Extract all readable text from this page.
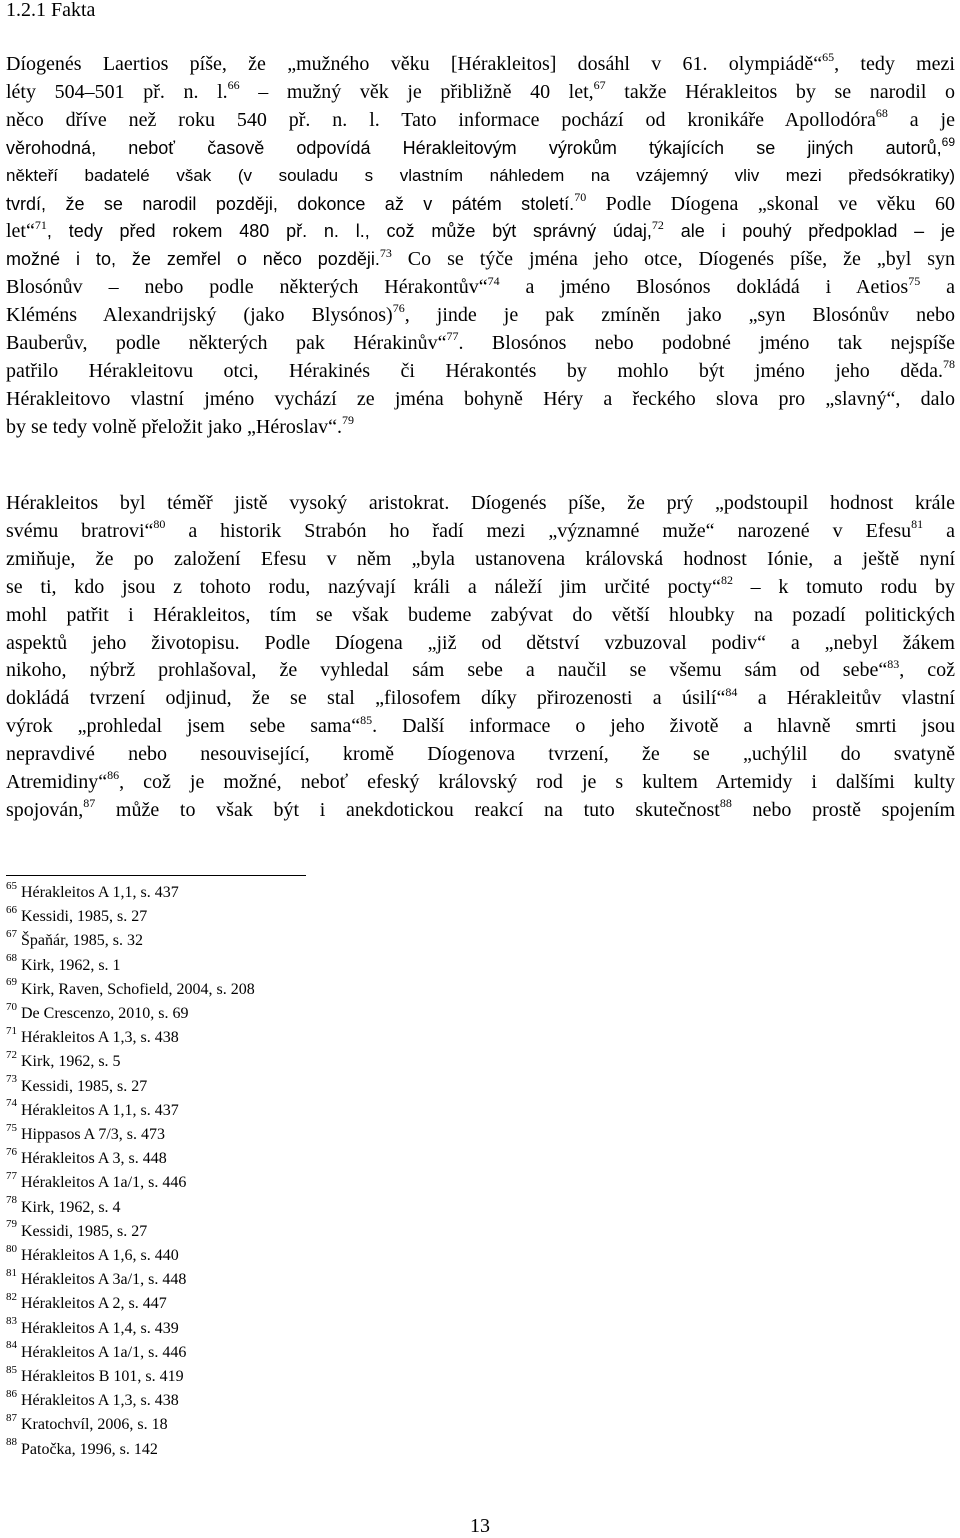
1.2.1 Fakta
Díogenés Laertios píše, že „mužného věku [Hérakleitos] dosáhl v 61. olympiádě“$^{65}$, tedy mezi
léty 504–501 př. n. l.$^{66}$ – mužný věk je přibližně 40 let,$^{67}$ takže Hérakleitos by se narodil o
něco dříve než roku 540 př. n. l. Tato informace pochází od kronikáře Apollodóra$^{68}$ a je
věrohodná, neboť časově odpovídá Hérakleitovým výrokům týkajících se jiných autorů,$^{69}$
někteří badatelé však (v souladu s vlastním náhledem na vzájemný vliv mezi předsókratiky)
tvrdí, že se narodil později, dokonce až v pátém století.$^{70}$ Podle Díogena „skonal ve věku 60
let“$^{71}$, tedy před rokem 480 př. n. l., což může být správný údaj,$^{72}$ ale i pouhý předpoklad – je
možné i to, že zemřel o něco později.$^{73}$ Co se týče jména jeho otce, Díogenés píše, že „byl syn
Blosónův – nebo podle některých Hérakontův“$^{74}$ a jméno Blosónos dokládá i Aetios$^{75}$ a
Kléméns Alexandrijský (jako Blysónos)$^{76}$, jinde je pak zmíněn jako „syn Blosónův nebo
Bauberův, podle některých pak Hérakinův“$^{77}$. Blosónos nebo podobné jméno tak nejspíše
patřilo Hérakleitovu otci, Hérakinés či Hérakontés by mohlo být jméno jeho děda.$^{78}$
Hérakleitovo vlastní jméno vychází ze jména bohyně Héry a řeckého slova pro „slavný“, dalo
by se tedy volně přeložit jako „Héroslav“.$^{79}$
Hérakleitos byl téměř jistě vysoký aristokrat. Díogenés píše, že prý „podstoupil hodnost krále
svému bratrovi“$^{80}$ a historik Strabón ho řadí mezi „významné muže“ narozené v Efesu$^{81}$ a
zmiňuje, že po založení Efesu v něm „byla ustanovena královská hodnost Iónie, a ještě nyní
se ti, kdo jsou z tohoto rodu, nazývají králi a náleží jim určité pocty“$^{82}$ – k tomuto rodu by
mohl patřit i Hérakleitos, tím se však budeme zabývat do větší hloubky na pozadí politických
aspektů jeho životopisu. Podle Díogena „již od dětství vzbuzoval podiv“ a „nebyl žákem
nikoho, nýbrž prohlašoval, že vyhledal sám sebe a naučil se všemu sám od sebe“$^{83}$, což
dokládá tvrzení odjinud, že se stal „filosofem díky přirozenosti a úsilí“$^{84}$ a Hérakleitův vlastní
výrok „prohledal jsem sebe sama“$^{85}$. Další informace o jeho životě a hlavně smrti jsou
nepravdivé nebo nesouvisející, kromě Díogenova tvrzení, že se „uchýlil do svatyně
Atremidiny“$^{86}$, což je možné, neboť efeský královský rod je s kultem Artemidy i dalšími kulty
spojován,$^{87}$ může to však být i anekdotickou reakcí na tuto skutečnost$^{88}$ nebo prostě spojením
$^{65}$ Hérakleitos A 1,1, s. 437
$^{66}$ Kessidi, 1985, s. 27
$^{67}$ Špaňár, 1985, s. 32
$^{68}$ Kirk, 1962, s. 1
$^{69}$ Kirk, Raven, Schofield, 2004, s. 208
$^{70}$ De Crescenzo, 2010, s. 69
$^{71}$ Hérakleitos A 1,3, s. 438
$^{72}$ Kirk, 1962, s. 5
$^{73}$ Kessidi, 1985, s. 27
$^{74}$ Hérakleitos A 1,1, s. 437
$^{75}$ Hippasos A 7/3, s. 473
$^{76}$ Hérakleitos A 3, s. 448
$^{77}$ Hérakleitos A 1a/1, s. 446
$^{78}$ Kirk, 1962, s. 4
$^{79}$ Kessidi, 1985, s. 27
$^{80}$ Hérakleitos A 1,6, s. 440
$^{81}$ Hérakleitos A 3a/1, s. 448
$^{82}$ Hérakleitos A 2, s. 447
$^{83}$ Hérakleitos A 1,4, s. 439
$^{84}$ Hérakleitos A 1a/1, s. 446
$^{85}$ Hérakleitos B 101, s. 419
$^{86}$ Hérakleitos A 1,3, s. 438
$^{87}$ Kratochvíl, 2006, s. 18
$^{88}$ Patočka, 1996, s. 142
13
